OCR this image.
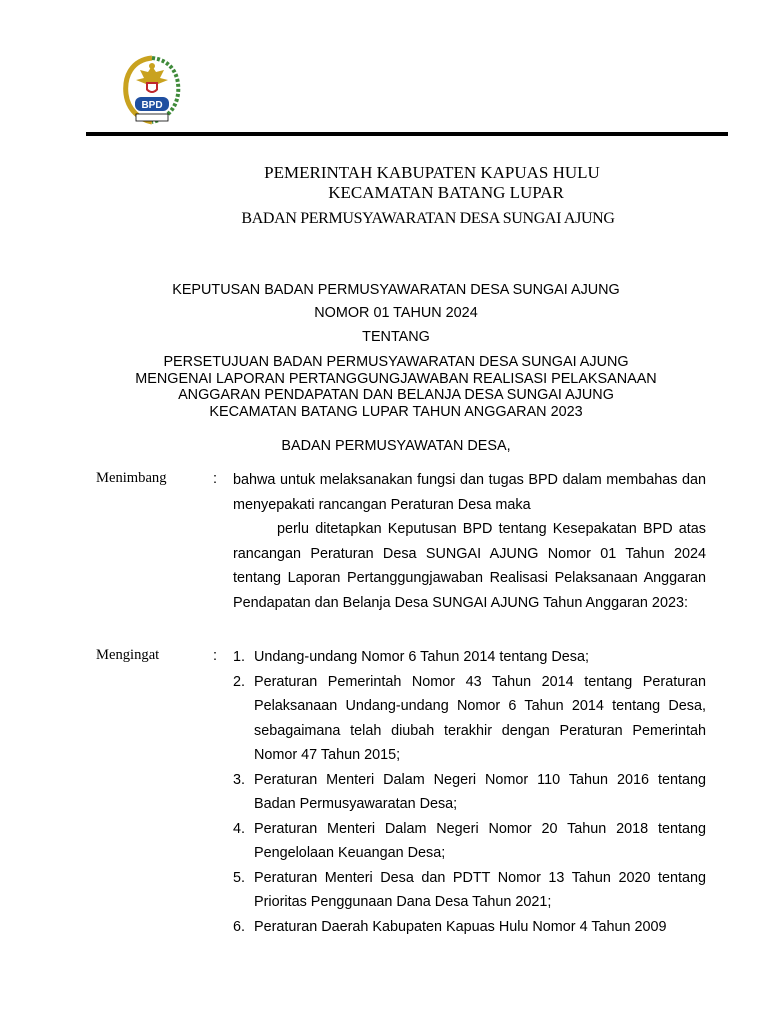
BPD
PEMERINTAH KABUPATEN KAPUAS HULU
KECAMATAN BATANG LUPAR
BADAN PERMUSYAWARATAN DESA SUNGAI AJUNG
KEPUTUSAN BADAN PERMUSYAWARATAN DESA SUNGAI AJUNG
NOMOR 01 TAHUN 2024
TENTANG
PERSETUJUAN BADAN PERMUSYAWARATAN DESA SUNGAI AJUNG
MENGENAI LAPORAN PERTANGGUNGJAWABAN REALISASI PELAKSANAAN
ANGGARAN PENDAPATAN DAN BELANJA DESA SUNGAI AJUNG
KECAMATAN BATANG LUPAR TAHUN ANGGARAN 2023
BADAN PERMUSYAWATAN DESA,
Menimbang	: bahwa untuk melaksanakan fungsi dan tugas BPD dalam membahas dan menyepakati rancangan Peraturan Desa maka
perlu ditetapkan Keputusan BPD tentang Kesepakatan BPD atas rancangan Peraturan Desa SUNGAI AJUNG Nomor 01 Tahun 2024 tentang Laporan Pertanggungjawaban Realisasi Pelaksanaan Anggaran Pendapatan dan Belanja Desa SUNGAI AJUNG Tahun Anggaran 2023:
Mengingat	: 1. Undang-undang Nomor 6 Tahun 2014 tentang Desa;
2. Peraturan Pemerintah Nomor 43 Tahun 2014 tentang Peraturan Pelaksanaan Undang-undang Nomor 6 Tahun 2014 tentang Desa, sebagaimana telah diubah terakhir dengan Peraturan Pemerintah Nomor 47 Tahun 2015;
3. Peraturan Menteri Dalam Negeri Nomor 110 Tahun 2016 tentang Badan Permusyawaratan Desa;
4. Peraturan Menteri Dalam Negeri Nomor 20 Tahun 2018 tentang Pengelolaan Keuangan Desa;
5. Peraturan Menteri Desa dan PDTT Nomor 13 Tahun 2020 tentang Prioritas Penggunaan Dana Desa Tahun 2021;
6. Peraturan Daerah Kabupaten Kapuas Hulu Nomor 4 Tahun 2009
